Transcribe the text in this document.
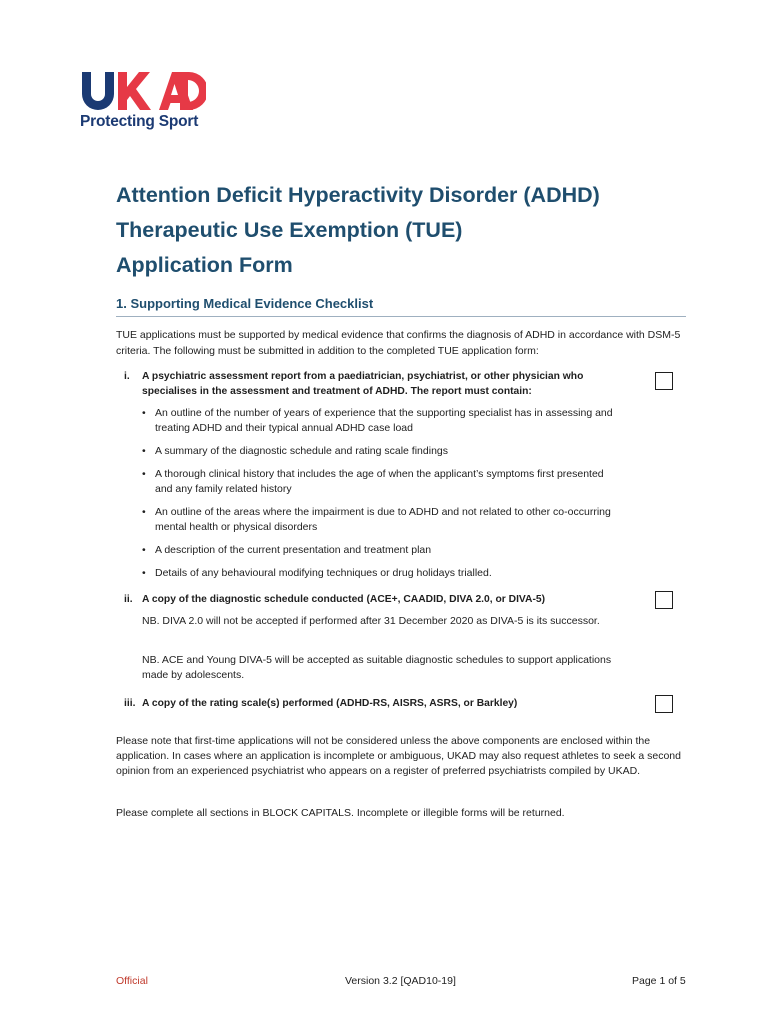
Protecting Sport
Attention Deficit Hyperactivity Disorder (ADHD)
Therapeutic Use Exemption (TUE)
Application Form
1. Supporting Medical Evidence Checklist
TUE applications must be supported by medical evidence that confirms the diagnosis of ADHD in accordance with DSM-5 criteria. The following must be submitted in addition to the completed TUE application form:
i. A psychiatric assessment report from a paediatrician, psychiatrist, or other physician who specialises in the assessment and treatment of ADHD. The report must contain:
• An outline of the number of years of experience that the supporting specialist has in assessing and treating ADHD and their typical annual ADHD case load
• A summary of the diagnostic schedule and rating scale findings
• A thorough clinical history that includes the age of when the applicant’s symptoms first presented and any family related history
• An outline of the areas where the impairment is due to ADHD and not related to other co-occurring mental health or physical disorders
• A description of the current presentation and treatment plan
• Details of any behavioural modifying techniques or drug holidays trialled.
ii. A copy of the diagnostic schedule conducted (ACE+, CAADID, DIVA 2.0, or DIVA-5)
NB. DIVA 2.0 will not be accepted if performed after 31 December 2020 as DIVA-5 is its successor.
NB. ACE and Young DIVA-5 will be accepted as suitable diagnostic schedules to support applications made by adolescents.
iii. A copy of the rating scale(s) performed (ADHD-RS, AISRS, ASRS, or Barkley)
Please note that first-time applications will not be considered unless the above components are enclosed within the application. In cases where an application is incomplete or ambiguous, UKAD may also request athletes to seek a second opinion from an experienced psychiatrist who appears on a register of preferred psychiatrists compiled by UKAD.
Please complete all sections in BLOCK CAPITALS. Incomplete or illegible forms will be returned.
Official	Version 3.2 [QAD10-19]	Page 1 of 5
